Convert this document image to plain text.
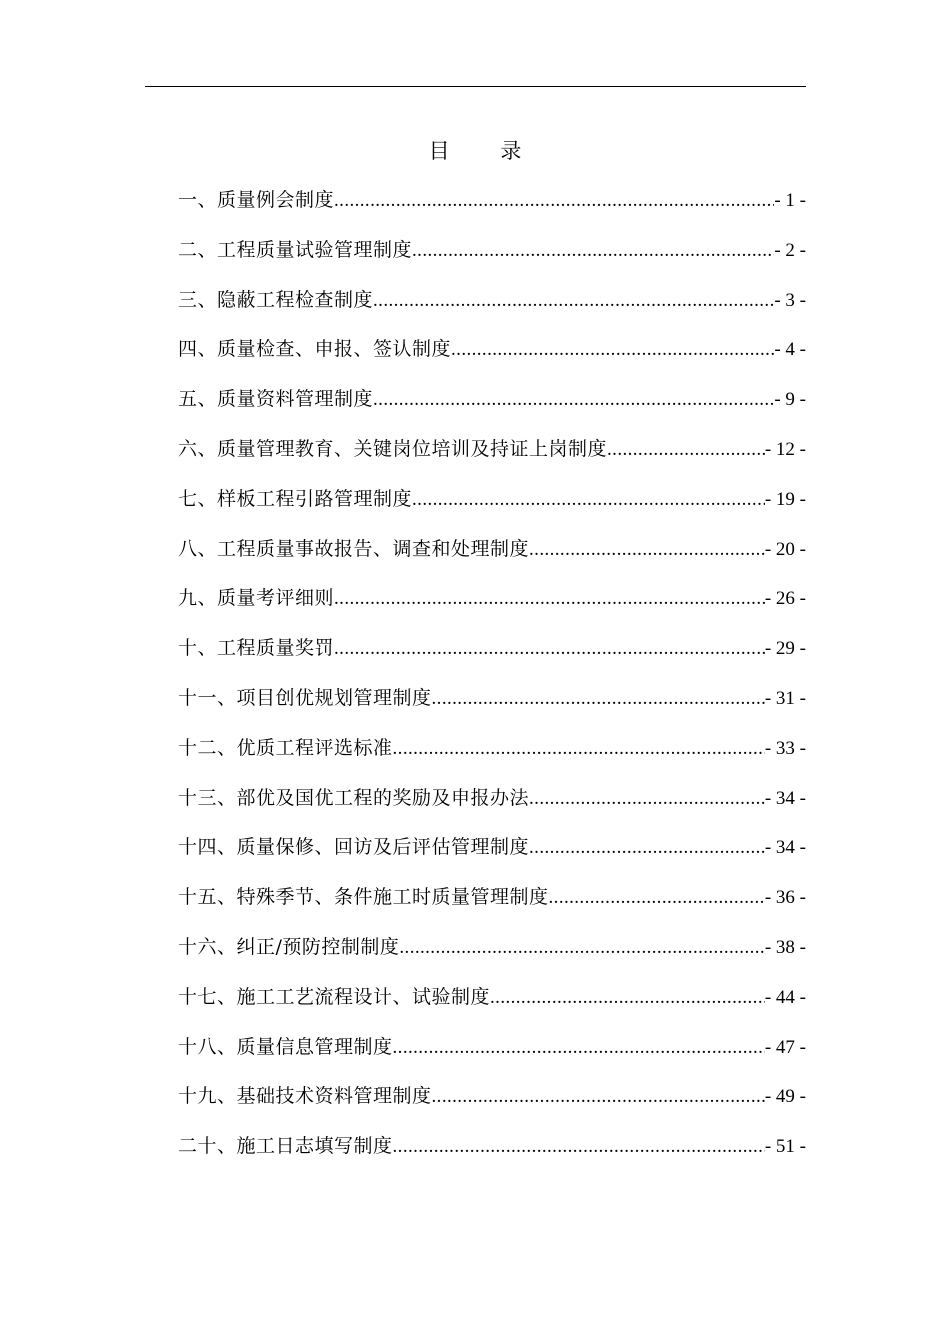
目 录
一、质量例会制度 .....	- 1 -
二、工程质量试验管理制度 .....	- 2 -
三、隐蔽工程检查制度 .....	- 3 -
四、质量检查、申报、签认制度 .....	- 4 -
五、质量资料管理制度 .....	- 9 -
六、质量管理教育、关键岗位培训及持证上岗制度 .....	- 12 -
七、样板工程引路管理制度 .....	- 19 -
八、工程质量事故报告、调查和处理制度 .....	- 20 -
九、质量考评细则 .....	- 26 -
十、工程质量奖罚 .....	- 29 -
十一、项目创优规划管理制度 .....	- 31 -
十二、优质工程评选标准 .....	- 33 -
十三、部优及国优工程的奖励及申报办法 .....	- 34 -
十四、质量保修、回访及后评估管理制度 .....	- 34 -
十五、特殊季节、条件施工时质量管理制度 .....	- 36 -
十六、纠正/预防控制制度 .....	- 38 -
十七、施工工艺流程设计、试验制度 .....	- 44 -
十八、质量信息管理制度 .....	- 47 -
十九、基础技术资料管理制度 .....	- 49 -
二十、施工日志填写制度 .....	- 51 -
